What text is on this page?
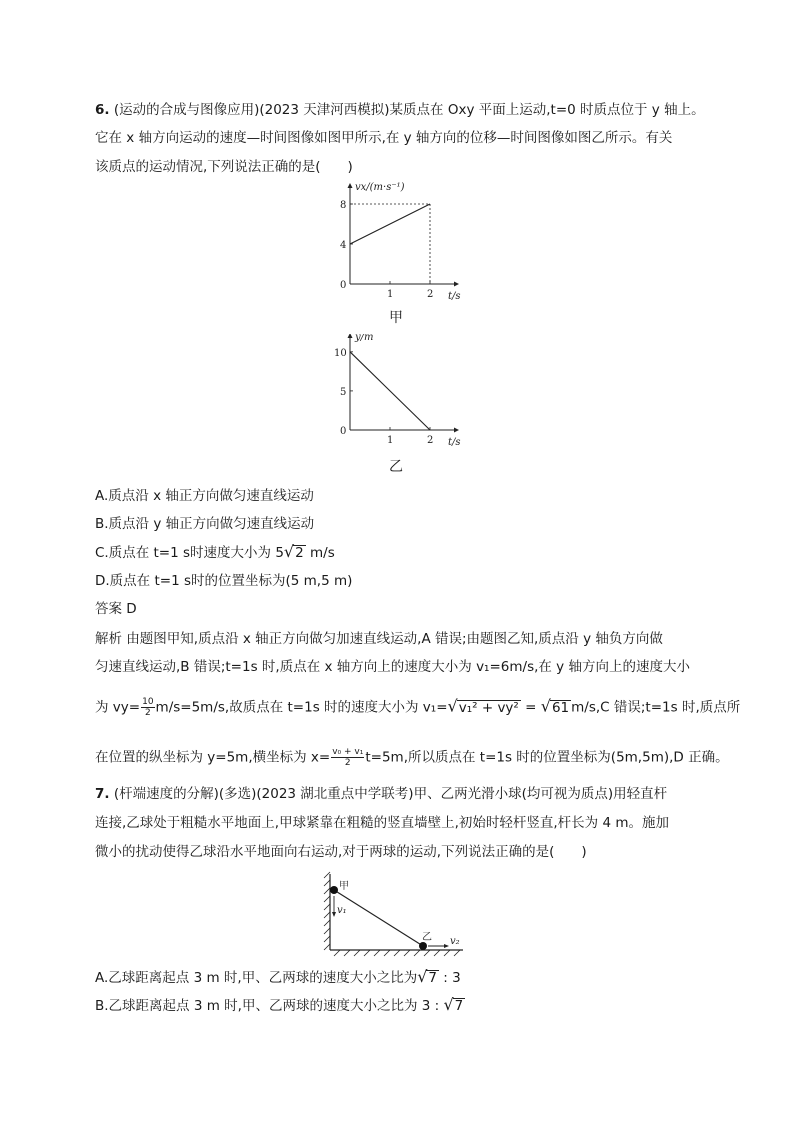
6. (运动的合成与图像应用)(2023 天津河西模拟)某质点在 Oxy 平面上运动,t=0 时质点位于 y 轴上。
它在 x 轴方向运动的速度—时间图像如图甲所示,在 y 轴方向的位移—时间图像如图乙所示。有关
该质点的运动情况,下列说法正确的是(　　)
vx/(m·s⁻¹)
t/s
0
1	2
4
8
甲
y/m
t/s
0
1	2
5
10
乙
A.质点沿 x 轴正方向做匀速直线运动
B.质点沿 y 轴正方向做匀速直线运动
C.质点在 t=1 s时速度大小为 5√2 m/s
D.质点在 t=1 s时的位置坐标为(5 m,5 m)
答案 D
解析 由题图甲知,质点沿 x 轴正方向做匀加速直线运动,A 错误;由题图乙知,质点沿 y 轴负方向做
匀速直线运动,B 错误;t=1s 时,质点在 x 轴方向上的速度大小为 v₁=6m/s,在 y 轴方向上的速度大小
为 $vy= \frac{10}{2} m/s=5m/s$,故质点在 t=1s 时的速度大小为 v₁=√v₁² + vy² = √61 m/s,C 错误;t=1s 时,质点所
在位置的纵坐标为 y=5m,横坐标为 $x= \frac{\text{v₀ + v₁}}{2} t=5m$,所以质点在 t=1s 时的位置坐标为(5m,5m),D 正确。
7. (杆端速度的分解)(多选)(2023 湖北重点中学联考)甲、乙两光滑小球(均可视为质点)用轻直杆
连接,乙球处于粗糙水平地面上,甲球紧靠在粗糙的竖直墙壁上,初始时轻杆竖直,杆长为 4 m。施加
微小的扰动使得乙球沿水平地面向右运动,对于两球的运动,下列说法正确的是(　　)
甲
乙
v₁
v₂
A.乙球距离起点 3 m 时,甲、乙两球的速度大小之比为√7 : 3
B.乙球距离起点 3 m 时,甲、乙两球的速度大小之比为 3 : √7
